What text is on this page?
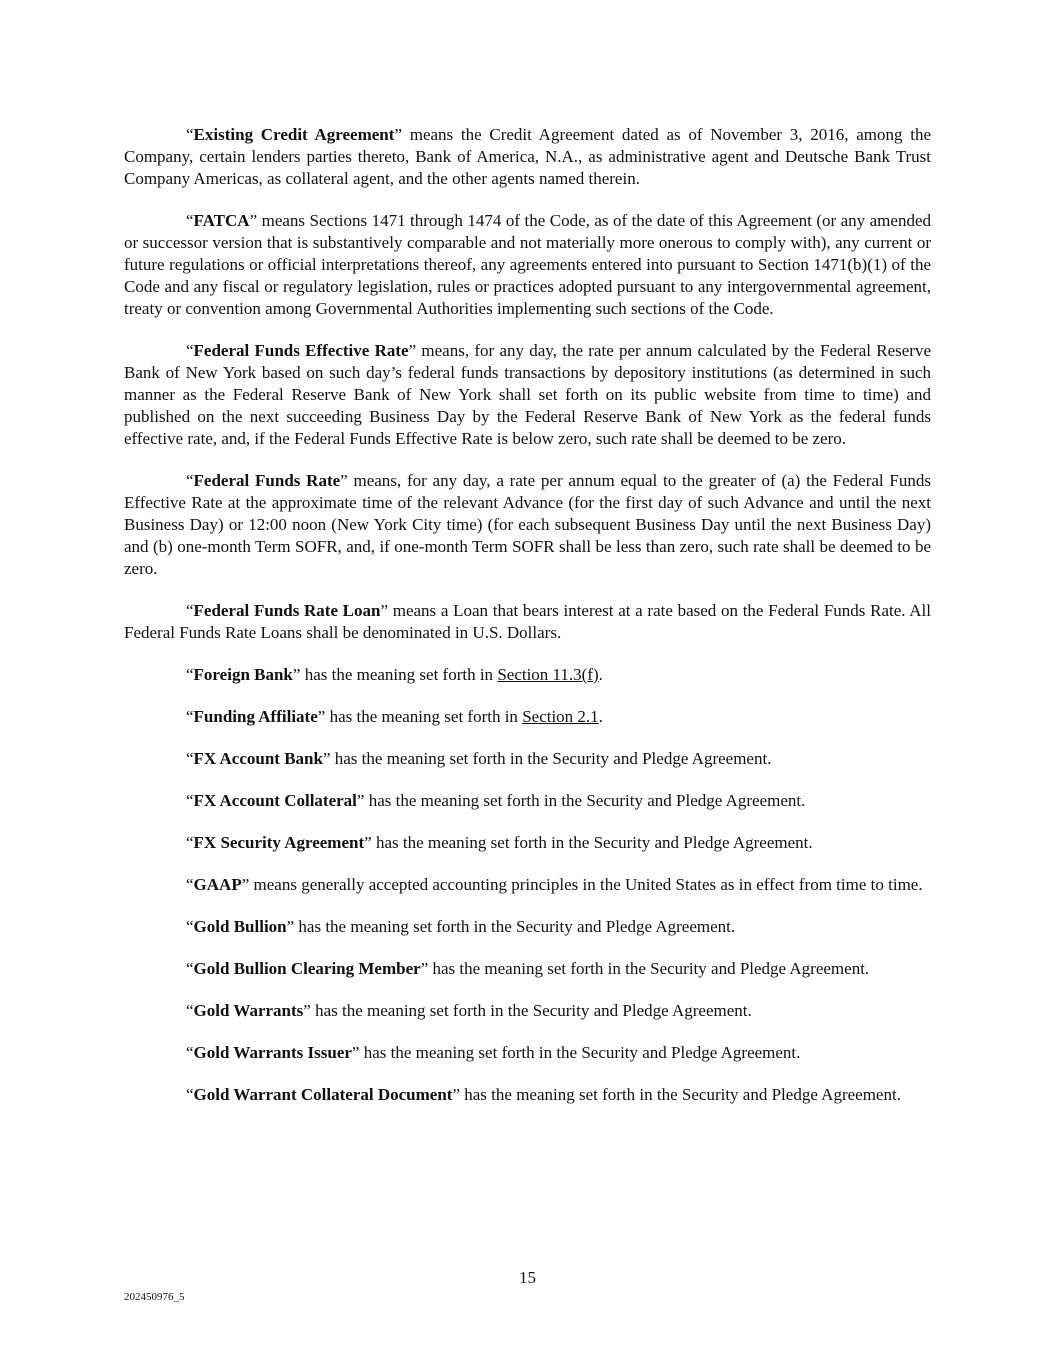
“Existing Credit Agreement” means the Credit Agreement dated as of November 3, 2016, among the Company, certain lenders parties thereto, Bank of America, N.A., as administrative agent and Deutsche Bank Trust Company Americas, as collateral agent, and the other agents named therein.

“FATCA” means Sections 1471 through 1474 of the Code, as of the date of this Agreement (or any amended or successor version that is substantively comparable and not materially more onerous to comply with), any current or future regulations or official interpretations thereof, any agreements entered into pursuant to Section 1471(b)(1) of the Code and any fiscal or regulatory legislation, rules or practices adopted pursuant to any intergovernmental agreement, treaty or convention among Governmental Authorities implementing such sections of the Code.

“Federal Funds Effective Rate” means, for any day, the rate per annum calculated by the Federal Reserve Bank of New York based on such day’s federal funds transactions by depository institutions (as determined in such manner as the Federal Reserve Bank of New York shall set forth on its public website from time to time) and published on the next succeeding Business Day by the Federal Reserve Bank of New York as the federal funds effective rate, and, if the Federal Funds Effective Rate is below zero, such rate shall be deemed to be zero.

“Federal Funds Rate” means, for any day, a rate per annum equal to the greater of (a) the Federal Funds Effective Rate at the approximate time of the relevant Advance (for the first day of such Advance and until the next Business Day) or 12:00 noon (New York City time) (for each subsequent Business Day until the next Business Day) and (b) one-month Term SOFR, and, if one-month Term SOFR shall be less than zero, such rate shall be deemed to be zero.

“Federal Funds Rate Loan” means a Loan that bears interest at a rate based on the Federal Funds Rate. All Federal Funds Rate Loans shall be denominated in U.S. Dollars.

“Foreign Bank” has the meaning set forth in Section 11.3(f).

“Funding Affiliate” has the meaning set forth in Section 2.1.

“FX Account Bank” has the meaning set forth in the Security and Pledge Agreement.

“FX Account Collateral” has the meaning set forth in the Security and Pledge Agreement.

“FX Security Agreement” has the meaning set forth in the Security and Pledge Agreement.

“GAAP” means generally accepted accounting principles in the United States as in effect from time to time.

“Gold Bullion” has the meaning set forth in the Security and Pledge Agreement.

“Gold Bullion Clearing Member” has the meaning set forth in the Security and Pledge Agreement.

“Gold Warrants” has the meaning set forth in the Security and Pledge Agreement.

“Gold Warrants Issuer” has the meaning set forth in the Security and Pledge Agreement.

“Gold Warrant Collateral Document” has the meaning set forth in the Security and Pledge Agreement.

15
202450976_5
